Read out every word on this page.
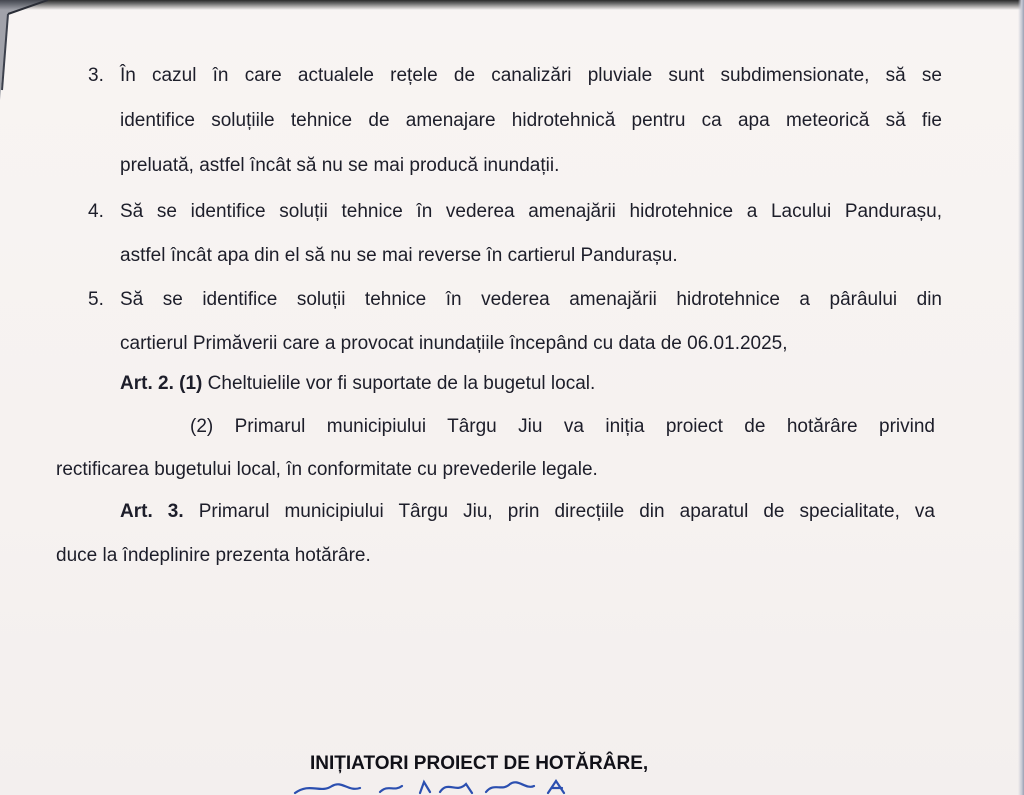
3. În cazul în care actualele rețele de canalizări pluviale sunt subdimensionate, să se
identifice soluțiile tehnice de amenajare hidrotehnică pentru ca apa meteorică să fie
preluată, astfel încât să nu se mai producă inundații.
4. Să se identifice soluții tehnice în vederea amenajării hidrotehnice a Lacului Pandurașu,
astfel încât apa din el să nu se mai reverse în cartierul Pandurașu.
5. Să se identifice soluții tehnice în vederea amenajării hidrotehnice a pârâului din
cartierul Primăverii care a provocat inundațiile începând cu data de 06.01.2025,
Art. 2. (1) Cheltuielile vor fi suportate de la bugetul local.
(2) Primarul municipiului Târgu Jiu va iniția proiect de hotărâre privind
rectificarea bugetului local, în conformitate cu prevederile legale.
Art. 3. Primarul municipiului Târgu Jiu, prin direcțiile din aparatul de specialitate, va
duce la îndeplinire prezenta hotărâre.
INIȚIATORI PROIECT DE HOTĂRÂRE,
